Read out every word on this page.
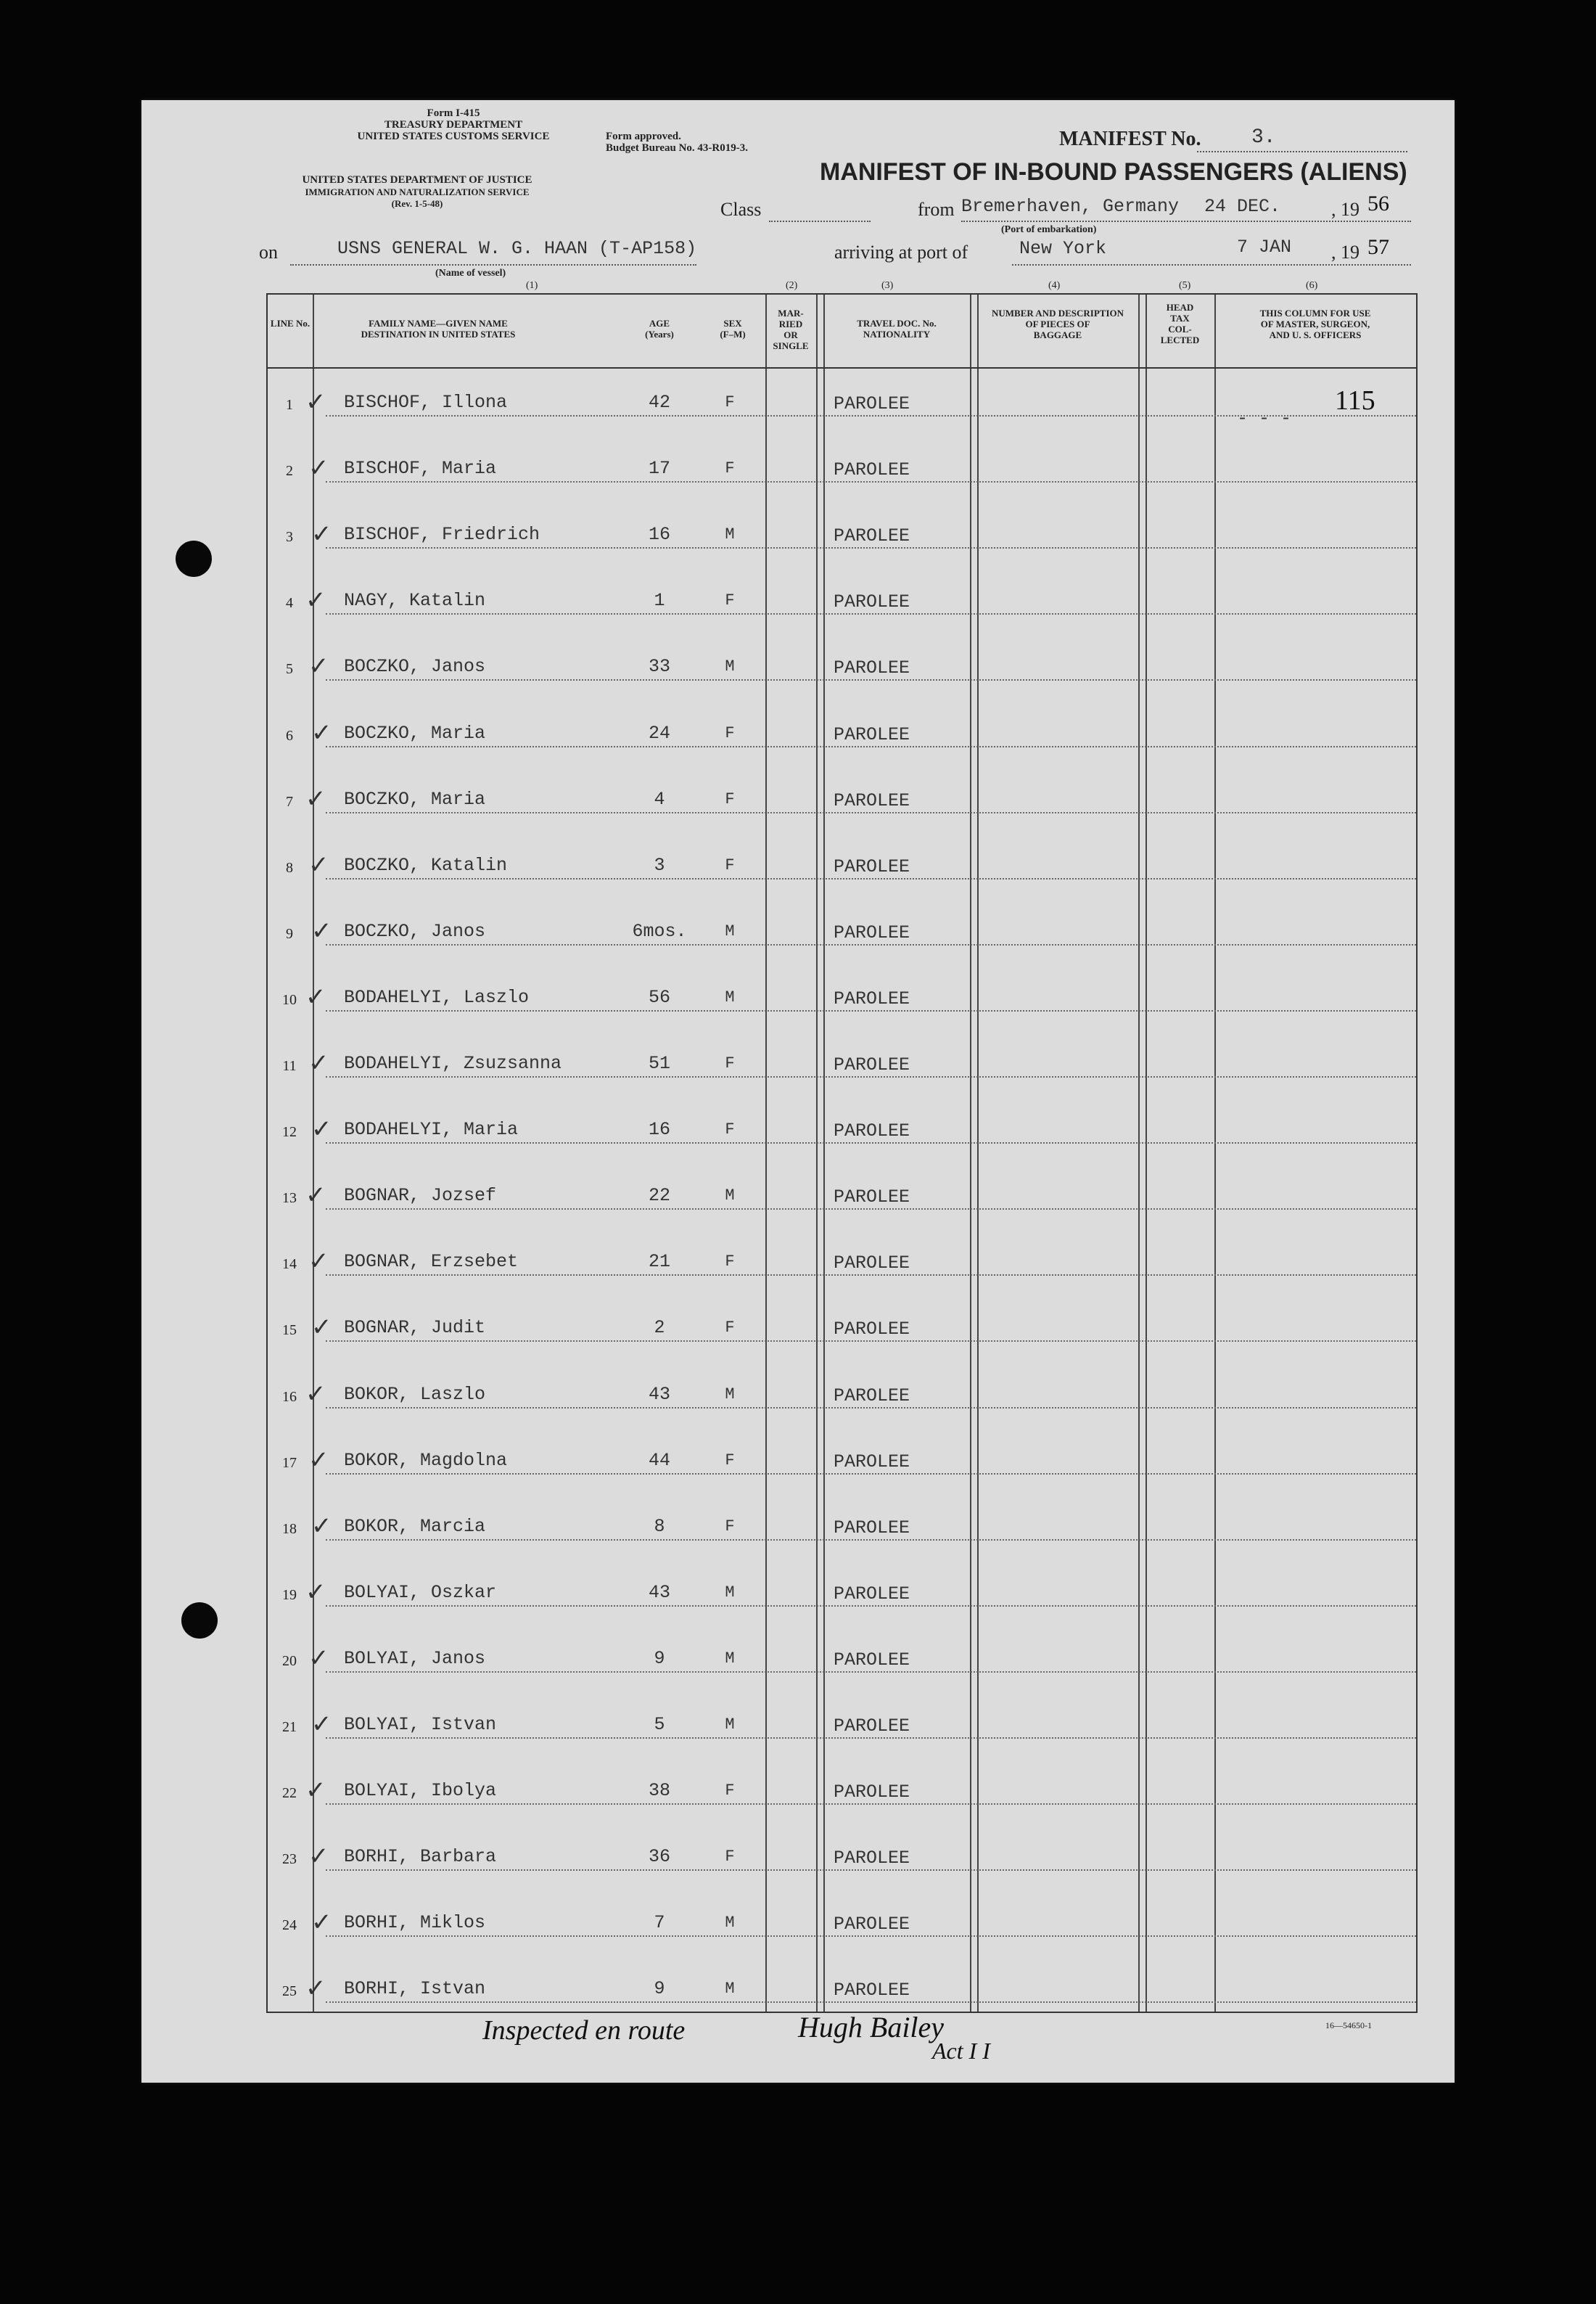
Form I-415
TREASURY DEPARTMENT
UNITED STATES CUSTOMS SERVICE
UNITED STATES DEPARTMENT OF JUSTICE
IMMIGRATION AND NATURALIZATION SERVICE
(Rev. 1-5-48)
Form approved.
Budget Bureau No. 43-R019-3.	MANIFEST No. 3.
MANIFEST OF IN-BOUND PASSENGERS (ALIENS)
Class	from Bremerhaven, Germany 24 DEC.	, 19 56
(Port of embarkation)
on	USNS GENERAL W. G. HAAN (T-AP158)
(Name of vessel)
arriving at port of	New York	7 JAN , 19 57
(1)	(2)	(3)	(4)	(5)	(6)
LINE No.	FAMILY NAME—GIVEN NAME
DESTINATION IN UNITED STATES
AGE
(Years)
SEX
(F–M)
MAR-
RIED
OR
SINGLE
TRAVEL DOC. No.
NATIONALITY
NUMBER AND DESCRIPTION
OF PIECES OF
BAGGAGE
HEAD
TAX
COL-
LECTED
THIS COLUMN FOR USE
OF MASTER, SURGEON,
AND U. S. OFFICERS
1	BISCHOF, Illona	42	F	PAROLEE
✓
2	BISCHOF, Maria	17	F	PAROLEE
✓
3	BISCHOF, Friedrich	16	M	PAROLEE
✓
4	NAGY, Katalin	1	F	PAROLEE
✓
5	BOCZKO, Janos	33	M	PAROLEE
✓
6	BOCZKO, Maria	24	F	PAROLEE
✓
7	BOCZKO, Maria	4	F	PAROLEE
✓
8	BOCZKO, Katalin	3	F	PAROLEE
✓
9	BOCZKO, Janos	6mos.	M	PAROLEE
✓
10	BODAHELYI, Laszlo	56	M	PAROLEE
✓
11	BODAHELYI, Zsuzsanna	51	F	PAROLEE
✓
12	BODAHELYI, Maria	16	F	PAROLEE
✓
13	BOGNAR, Jozsef	22	M	PAROLEE
✓
14	BOGNAR, Erzsebet	21	F	PAROLEE
✓
15	BOGNAR, Judit	2	F	PAROLEE
✓
16	BOKOR, Laszlo	43	M	PAROLEE
✓
17	BOKOR, Magdolna	44	F	PAROLEE
✓
18	BOKOR, Marcia	8	F	PAROLEE
✓
19	BOLYAI, Oszkar	43	M	PAROLEE
✓
20	BOLYAI, Janos	9	M	PAROLEE
✓
21	BOLYAI, Istvan	5	M	PAROLEE
✓
22	BOLYAI, Ibolya	38	F	PAROLEE
✓
23	BORHI, Barbara	36	F	PAROLEE
✓
24	BORHI, Miklos	7	M	PAROLEE
✓
25	BORHI, Istvan	9	M	PAROLEE
✓
115
- - -
16—54650-1
Inspected en route	Hugh Bailey
Act I I
